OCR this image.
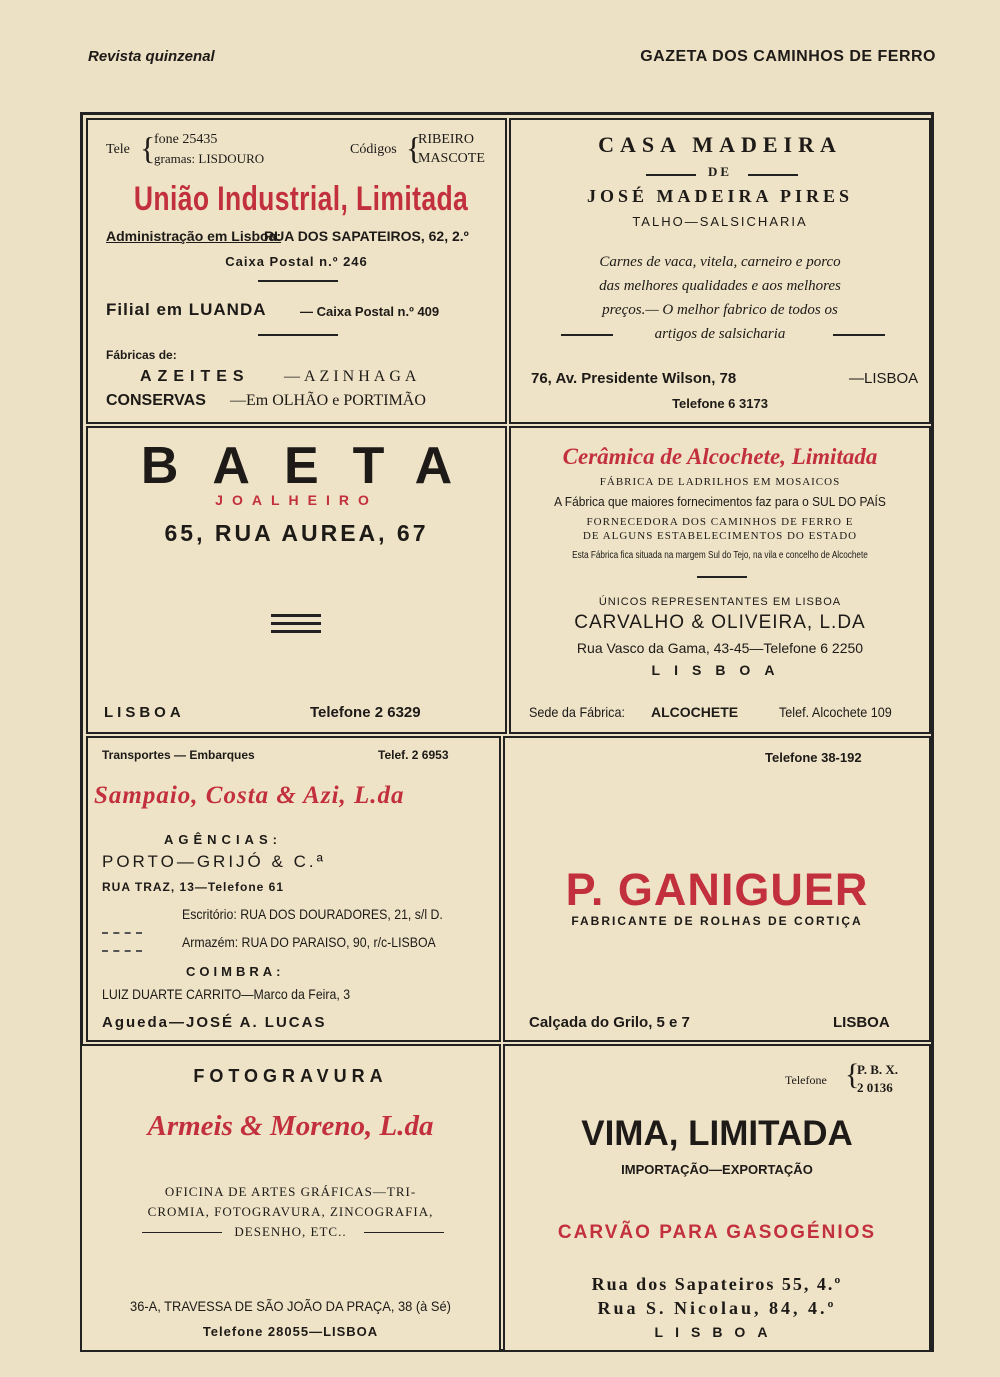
Revista quinzenal	GAZETA DOS CAMINHOS DE FERRO
Tele {
fone 25435
gramas: LISDOURO
Códigos {
RIBEIRO
MASCOTE
União Industrial, Limitada
Administração em Lisboa:
RUA DOS SAPATEIROS, 62, 2.º
Caixa Postal n.º 246
Filial em LUANDA	— Caixa Postal n.º 409
Fábricas de:
AZEITES —AZINHAGA
CONSERVAS —Em OLHÃO e PORTIMÃO
CASA MADEIRA
DE
JOSÉ MADEIRA PIRES
TALHO—SALSICHARIA
Carnes de vaca, vitela, carneiro e porco
das melhores qualidades e aos melhores
preços.— O melhor fabrico de todos os
artigos de salsicharia
76, Av. Presidente Wilson, 78	—LISBOA
Telefone 6 3173
BAETA
JOALHEIRO
65, RUA AUREA, 67
LISBOA	Telefone 2 6329
Cerâmica de Alcochete, Limitada
FÁBRICA DE LADRILHOS EM MOSAICOS
A Fábrica que maiores fornecimentos faz para o SUL DO PAÍS
FORNECEDORA DOS CAMINHOS DE FERRO E
DE ALGUNS ESTABELECIMENTOS DO ESTADO
Esta Fábrica fica situada na margem Sul do Tejo, na vila e concelho de Alcochete
ÚNICOS REPRESENTANTES EM LISBOA
CARVALHO & OLIVEIRA, L.DA
Rua Vasco da Gama, 43-45—Telefone 6 2250
LISBOA
Sede da Fábrica: ALCOCHETE	Telef. Alcochete 109
Transportes — Embarques	Telef. 2 6953
Sampaio, Costa & Azi, L.da
AGÊNCIAS:
PORTO—GRIJÓ & C.ª
RUA TRAZ, 13—Telefone 61
Escritório: RUA DOS DOURADORES, 21, s/l D.
Armazém: RUA DO PARAISO, 90, r/c-LISBOA
COIMBRA:
LUIZ DUARTE CARRITO—Marco da Feira, 3
Agueda—JOSÉ A. LUCAS
Telefone 38-192
P. GANIGUER
FABRICANTE DE ROLHAS DE CORTIÇA
Calçada do Grilo, 5 e 7	LISBOA
FOTOGRAVURA
Armeis & Moreno, L.da
OFICINA DE ARTES GRÁFICAS—TRI-
CROMIA, FOTOGRAVURA, ZINCOGRAFIA,
DESENHO, ETC..
36-A, TRAVESSA DE SÃO JOÃO DA PRAÇA, 38 (à Sé)
Telefone 28055—LISBOA
Telefone {
P. B. X.
2 0136
VIMA, LIMITADA
IMPORTAÇÃO—EXPORTAÇÃO
CARVÃO PARA GASOGÉNIOS
Rua dos Sapateiros 55, 4.º
Rua S. Nicolau, 84, 4.º
LISBOA
